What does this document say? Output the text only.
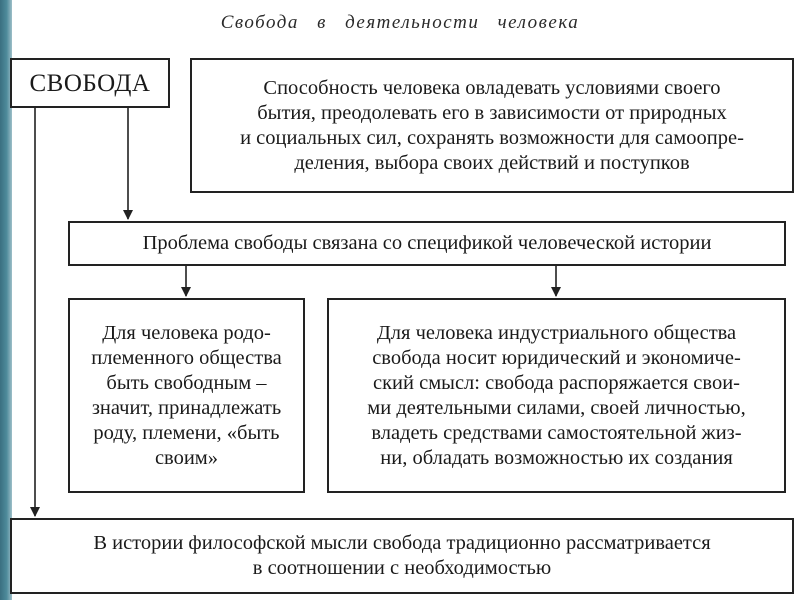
Свобода в деятельности человека
СВОБОДА	Способность человека овладевать условиями своего
бытия, преодолевать его в зависимости от природных
и социальных сил, сохранять возможности для самоопре-
деления, выбора своих действий и поступков
Проблема свободы связана со спецификой человеческой истории
Для человека родо-
племенного общества
быть свободным –
значит, принадлежать
роду, племени, «быть
своим»
Для человека индустриального общества
свобода носит юридический и экономиче-
ский смысл: свобода распоряжается свои-
ми деятельными силами, своей личностью,
владеть средствами самостоятельной жиз-
ни, обладать возможностью их создания
В истории философской мысли свобода традиционно рассматривается
в соотношении с необходимостью
